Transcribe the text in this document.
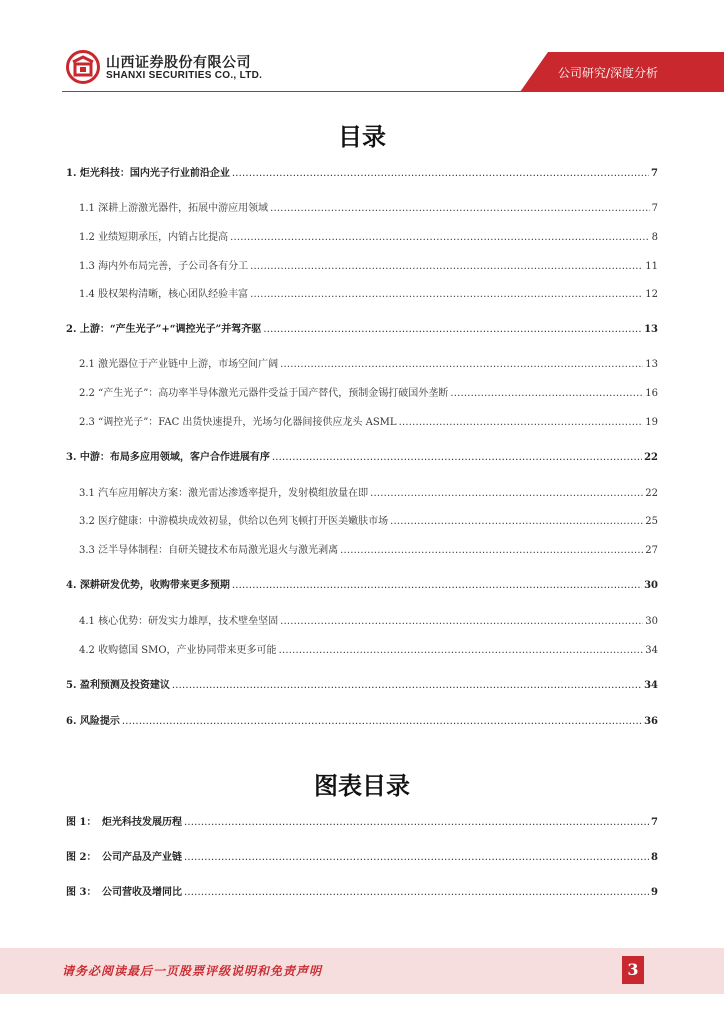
山西证券股份有限公司
SHANXI SECURITIES CO., LTD.	公司研究/深度分析
目录
1. 炬光科技：国内光子行业前沿企业 .....	7
1.1 深耕上游激光器件，拓展中游应用领域 .....	7
1.2 业绩短期承压，内销占比提高 .....	8
1.3 海内外布局完善，子公司各有分工 .....	11
1.4 股权架构清晰，核心团队经验丰富 .....	12
2. 上游：“产生光子”+“调控光子”并驾齐驱 .....	13
2.1 激光器位于产业链中上游，市场空间广阔 .....	13
2.2 “产生光子”：高功率半导体激光元器件受益于国产替代，预制金锡打破国外垄断 .....	16
2.3 “调控光子”：FAC 出货快速提升，光场匀化器间接供应龙头 ASML .....	19
3. 中游：布局多应用领域，客户合作进展有序 .....	22
3.1 汽车应用解决方案：激光雷达渗透率提升，发射模组放量在即 .....	22
3.2 医疗健康：中游模块成效初显，供给以色列飞顿打开医美嫩肤市场 .....	25
3.3 泛半导体制程：自研关键技术布局激光退火与激光剥离 .....	27
4. 深耕研发优势，收购带来更多预期 .....	30
4.1 核心优势：研发实力雄厚，技术壁垒坚固 .....	30
4.2 收购德国 SMO，产业协同带来更多可能 .....	34
5. 盈利预测及投资建议 .....	34
6. 风险提示 .....	36
图表目录
图 1： 炬光科技发展历程 .....	7
图 2： 公司产品及产业链 .....	8
图 3： 公司营收及增同比 .....	9
请务必阅读最后一页股票评级说明和免责声明	3
